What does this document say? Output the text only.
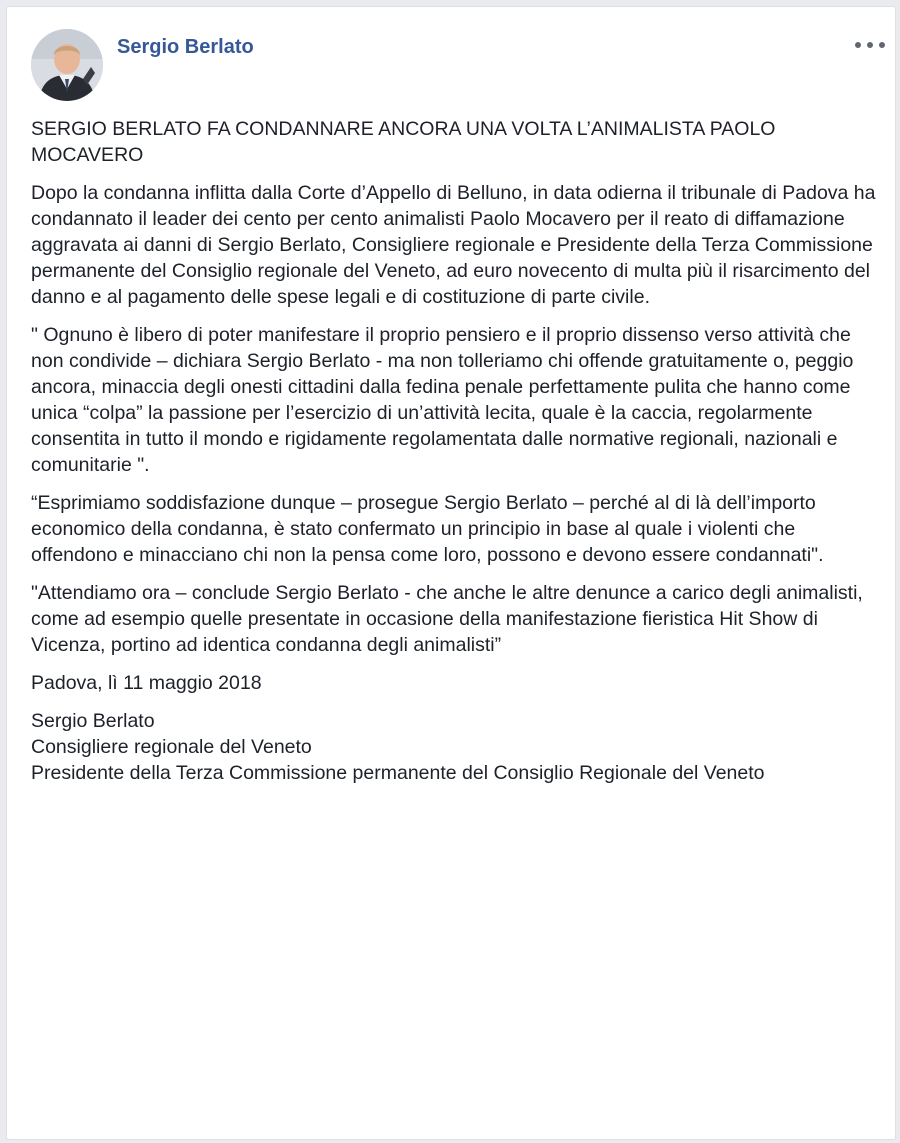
Sergio Berlato

SERGIO BERLATO FA CONDANNARE ANCORA UNA VOLTA L’ANIMALISTA PAOLO MOCAVERO

Dopo la condanna inflitta dalla Corte d’Appello di Belluno, in data odierna il tribunale di Padova ha condannato il leader dei cento per cento animalisti Paolo Mocavero per il reato di diffamazione aggravata ai danni di Sergio Berlato, Consigliere regionale e Presidente della Terza Commissione permanente del Consiglio regionale del Veneto, ad euro novecento di multa più il risarcimento del danno e al pagamento delle spese legali e di costituzione di parte civile.

" Ognuno è libero di poter manifestare il proprio pensiero e il proprio dissenso verso attività che non condivide – dichiara Sergio Berlato - ma non tolleriamo chi offende gratuitamente o, peggio ancora, minaccia degli onesti cittadini dalla fedina penale perfettamente pulita che hanno come unica “colpa” la passione per l’esercizio di un’attività lecita, quale è la caccia, regolarmente consentita in tutto il mondo e rigidamente regolamentata dalle normative regionali, nazionali e comunitarie ".

“Esprimiamo soddisfazione dunque – prosegue Sergio Berlato – perché al di là dell’importo economico della condanna, è stato confermato un principio in base al quale i violenti che offendono e minacciano chi non la pensa come loro, possono e devono essere condannati".

"Attendiamo ora – conclude Sergio Berlato - che anche le altre denunce a carico degli animalisti, come ad esempio quelle presentate in occasione della manifestazione fieristica Hit Show di Vicenza, portino ad identica condanna degli animalisti”

Padova, lì 11 maggio 2018

Sergio Berlato
Consigliere regionale del Veneto
Presidente della Terza Commissione permanente del Consiglio Regionale del Veneto
